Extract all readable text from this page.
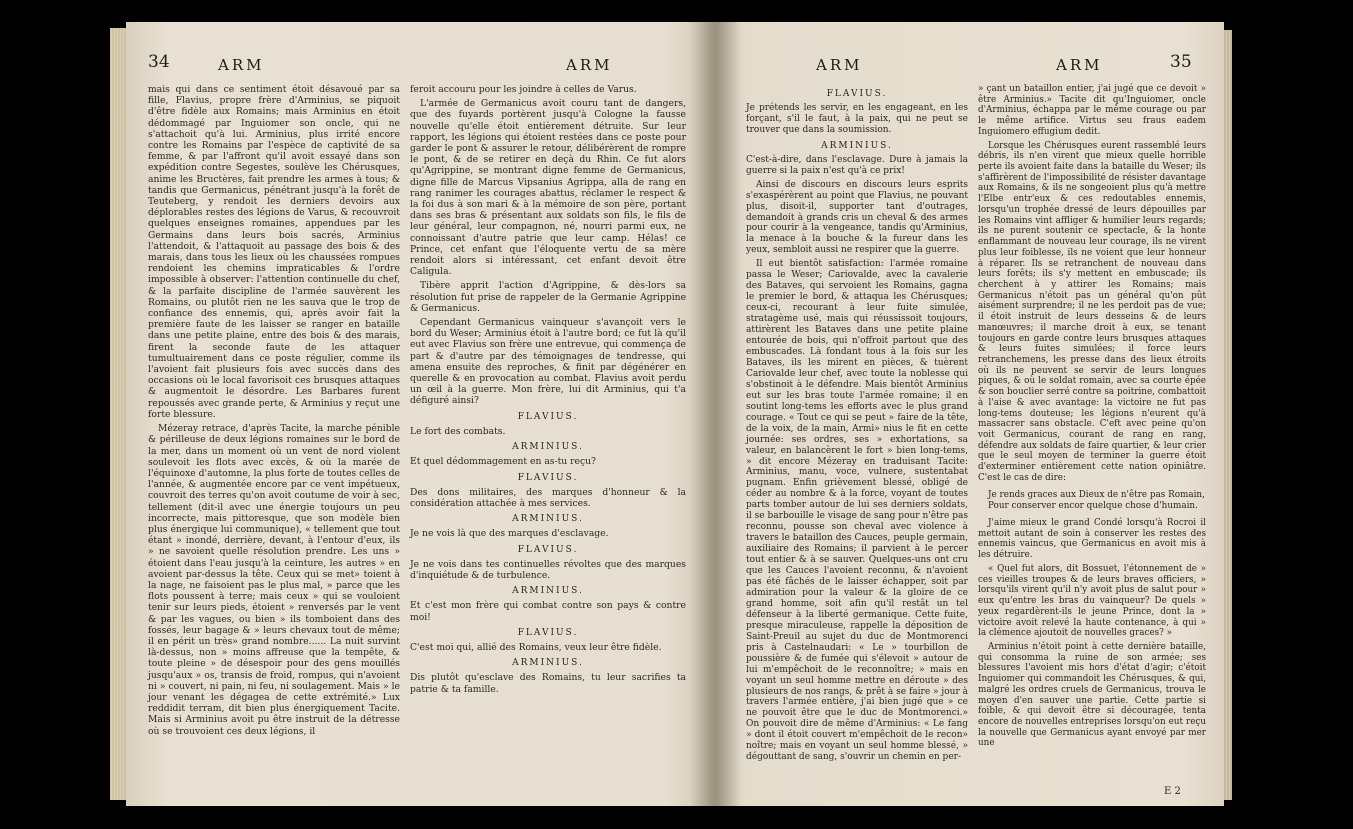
34	ARM	ARM

mais qui dans ce sentiment étoit désavoué par sa fille, Flavius, propre frère d'Arminius, se piquoit d'être fidèle aux Romains; mais Arminius en étoit dédommagé par Inguiomer son oncle, qui ne s'attachoit qu'à lui. Arminius, plus irrité encore contre les Romains par l'espèce de captivité de sa femme, & par l'affront qu'il avoit essayé dans son expédition contre Segestes, soulève les Chérusques, anime les Bructères, fait prendre les armes à tous; & tandis que Germanicus, pénétrant jusqu'à la forêt de Teuteberg, y rendoit les derniers devoirs aux déplorables restes des légions de Varus, & recouvroit quelques enseignes romaines, appendues par les Germains dans leurs bois sacrés, Arminius l'attendoit, & l'attaquoit au passage des bois & des marais, dans tous les lieux où les chaussées rompues rendoient les chemins impraticables & l'ordre impossible à observer: l'attention continuelle du chef, & la parfaite discipline de l'armée sauvèrent les Romains, ou plutôt rien ne les sauva que le trop de confiance des ennemis, qui, après avoir fait la première faute de les laisser se ranger en bataille dans une petite plaine, entre des bois & des marais, firent la seconde faute de les attaquer tumultuairement dans ce poste régulier, comme ils l'avoient fait plusieurs fois avec succès dans des occasions où le local favorisoit ces brusques attaques & augmentoit le désordre. Les Barbares furent repoussés avec grande perte, & Arminius y reçut une forte blessure.

Mézeray retrace, d'après Tacite, la marche pénible & périlleuse de deux légions romaines sur le bord de la mer, dans un moment où un vent de nord violent soulevoit les flots avec excès, & où la marée de l'équinoxe d'automne, la plus forte de toutes celles de l'année, & augmentée encore par ce vent impétueux, couvroit des terres qu'on avoit coutume de voir à sec, tellement (dit-il avec une énergie toujours un peu incorrecte, mais pittoresque, que son modèle bien plus énergique lui communique), « tellement que tout étant » inondé, derrière, devant, à l'entour d'eux, ils » ne savoient quelle résolution prendre. Les uns » étoient dans l'eau jusqu'à la ceinture, les autres » en avoient par-dessus la tête. Ceux qui se met» toient à la nage, ne faisoient pas le plus mal, » parce que les flots poussent à terre; mais ceux » qui se vouloient tenir sur leurs pieds, étoient » renversés par le vent & par les vagues, ou bien » ils tomboient dans des fossés, leur bagage & » leurs chevaux tout de même; il en périt un très» grand nombre...... La nuit survint là-dessus, non » moins affreuse que la tempête, & toute pleine » de désespoir pour des gens mouillés jusqu'aux » os, transis de froid, rompus, qui n'avoient ni » couvert, ni pain, ni feu, ni soulagement. Mais » le jour venant les dégagea de cette extrémité.» Lux reddidit terram, dit bien plus énergiquement Tacite. Mais si Arminius avoit pu être instruit de la détresse où se trouvoient ces deux légions, il

feroit accouru pour les joindre à celles de Varus.

L'armée de Germanicus avoit couru tant de dangers, que des fuyards portèrent jusqu'à Cologne la fausse nouvelle qu'elle étoit entièrement détruite. Sur leur rapport, les légions qui étoient restées dans ce poste pour garder le pont & assurer le retour, délibérèrent de rompre le pont, & de se retirer en deçà du Rhin. Ce fut alors qu'Agrippine, se montrant digne femme de Germanicus, digne fille de Marcus Vipsanius Agrippa, alla de rang en rang ranimer les courages abattus, réclamer le respect & la foi dus à son mari & à la mémoire de son père, portant dans ses bras & présentant aux soldats son fils, le fils de leur général, leur compagnon, né, nourri parmi eux, ne connoissant d'autre patrie que leur camp. Hélas! ce Prince, cet enfant que l'éloquente vertu de sa mère rendoit alors si intéressant, cet enfant devoit être Caligula.

Tibère apprit l'action d'Agrippine, & dès-lors sa résolution fut prise de rappeler de la Germanie Agrippine & Germanicus.

Cependant Germanicus vainqueur s'avançoit vers le bord du Weser; Arminius étoit à l'autre bord; ce fut là qu'il eut avec Flavius son frère une entrevue, qui commença de part & d'autre par des témoignages de tendresse, qui amena ensuite des reproches, & finit par dégénérer en querelle & en provocation au combat. Flavius avoit perdu un œil à la guerre. Mon frère, lui dit Arminius, qui t'a défiguré ainsi?

FLAVIUS.

Le fort des combats.

ARMINIUS.

Et quel dédommagement en as-tu reçu?

FLAVIUS.

Des dons militaires, des marques d'honneur & la considération attachée à mes services.

ARMINIUS.

Je ne vois là que des marques d'esclavage.

FLAVIUS.

Je ne vois dans tes continuelles révoltes que des marques d'inquiétude & de turbulence.

ARMINIUS.

Et c'est mon frère qui combat contre son pays & contre moi!

FLAVIUS.

C'est moi qui, allié des Romains, veux leur être fidèle.

ARMINIUS.

Dis plutôt qu'esclave des Romains, tu leur sacrifies ta patrie & ta famille.

ARM	ARM	35

FLAVIUS.

Je prétends les servir, en les engageant, en les forçant, s'il le faut, à la paix, qui ne peut se trouver que dans la soumission.

ARMINIUS.

C'est-à-dire, dans l'esclavage. Dure à jamais la guerre si la paix n'est qu'à ce prix!

Ainsi de discours en discours leurs esprits s'exaspérèrent au point que Flavius, ne pouvant plus, disoit-il, supporter tant d'outrages, demandoit à grands cris un cheval & des armes pour courir à la vengeance, tandis qu'Arminius, la menace à la bouche & la fureur dans les yeux, sembloit aussi ne respirer que la guerre.

Il eut bientôt satisfaction: l'armée romaine passa le Weser; Cariovalde, avec la cavalerie des Bataves, qui servoient les Romains, gagna le premier le bord, & attaqua les Chérusques; ceux-ci, recourant à leur fuite simulée, stratagème usé, mais qui réussissoit toujours, attirèrent les Bataves dans une petite plaine entourée de bois, qui n'offroit partout que des embuscades. Là fondant tous à la fois sur les Bataves, ils les mirent en pièces, & tuèrent Cariovalde leur chef, avec toute la noblesse qui s'obstinoit à le défendre. Mais bientôt Arminius eut sur les bras toute l'armée romaine; il en soutint long-tems les efforts avec le plus grand courage. « Tout ce qui se peut » faire de la tête, de la voix, de la main, Armi» nius le fit en cette journée: ses ordres, ses » exhortations, sa valeur, en balancèrent le fort » bien long-tems, » dit encore Mézeray en traduisant Tacite: Arminius, manu, voce, vulnere, sustentabat pugnam. Enfin grièvement blessé, obligé de céder au nombre & à la force, voyant de toutes parts tomber autour de lui ses derniers soldats, il se barbouille le visage de sang pour n'être pas reconnu, pousse son cheval avec violence à travers le bataillon des Cauces, peuple germain, auxiliaire des Romains; il parvient à le percer tout entier & à se sauver. Quelques-uns ont cru que les Cauces l'avoient reconnu, & n'avoient pas été fâchés de le laisser échapper, soit par admiration pour la valeur & la gloire de ce grand homme, soit afin qu'il restât un tel défenseur à la liberté germanique. Cette fuite, presque miraculeuse, rappelle la déposition de Saint-Preuil au sujet du duc de Montmorenci pris à Castelnaudari: « Le » tourbillon de poussière & de fumée qui s'élevoit » autour de lui m'empêchoit de le reconnoître; » mais en voyant un seul homme mettre en déroute » des plusieurs de nos rangs, & prêt à se faire » jour à travers l'armée entière, j'ai bien jugé que » ce ne pouvoit être que le duc de Montmorenci.» On pouvoit dire de même d'Arminius: « Le fang » dont il étoit couvert m'empêchoit de le recon» noître; mais en voyant un seul homme blessé, » dégouttant de sang, s'ouvrir un chemin en per-

» çant un bataillon entier, j'ai jugé que ce devoit » être Arminius.» Tacite dit qu'Inguiomer, oncle d'Arminius, échappa par le même courage ou par le même artifice. Virtus seu fraus eadem Inguiomero effugium dedit.

Lorsque les Chérusques eurent rassemblé leurs débris, ils n'en virent que mieux quelle horrible perte ils avoient faite dans la bataille du Weser; ils s'affirèrent de l'impossibilité de résister davantage aux Romains, & ils ne songeoient plus qu'à mettre l'Elbe entr'eux & ces redoutables ennemis, lorsqu'un trophée dressé de leurs dépouilles par les Romains vint affliger & humilier leurs regards; ils ne purent soutenir ce spectacle, & la honte enflammant de nouveau leur courage, ils ne virent plus leur foiblesse, ils ne voient que leur honneur à réparer. Ils se retranchent de nouveau dans leurs forêts; ils s'y mettent en embuscade; ils cherchent à y attirer les Romains; mais Germanicus n'étoit pas un général qu'on pût aisément surprendre; il ne les perdoit pas de vue; il étoit instruit de leurs desseins & de leurs manœuvres; il marche droit à eux, se tenant toujours en garde contre leurs brusques attaques & leurs fuites simulées; il force leurs retranchemens, les presse dans des lieux étroits où ils ne peuvent se servir de leurs longues piques, & où le soldat romain, avec sa courte épée & son bouclier serré contre sa poitrine, combattoit à l'aise & avec avantage: la victoire ne fut pas long-tems douteuse; les légions n'eurent qu'à massacrer sans obstacle. C'eft avec peine qu'on voit Germanicus, courant de rang en rang, défendre aux soldats de faire quartier, & leur crier que le seul moyen de terminer la guerre étoit d'exterminer entièrement cette nation opiniâtre. C'est le cas de dire:

Je rends graces aux Dieux de n'être pas Romain,

Pour conserver encor quelque chose d'humain.

J'aime mieux le grand Condé lorsqu'à Rocroi il mettoit autant de soin à conserver les restes des ennemis vaincus, que Germanicus en avoit mis à les détruire.

« Quel fut alors, dit Bossuet, l'étonnement de » ces vieilles troupes & de leurs braves officiers, » lorsqu'ils virent qu'il n'y avoit plus de salut pour » eux qu'entre les bras du vainqueur? De quels » yeux regardèrent-ils le jeune Prince, dont la » victoire avoit relevé la haute contenance, à qui » la clémence ajoutoit de nouvelles graces? »

Arminius n'étoit point à cette dernière bataille, qui consomma la ruine de son armée; ses blessures l'avoient mis hors d'état d'agir; c'étoit Inguiomer qui commandoit les Chérusques, & qui, malgré les ordres cruels de Germanicus, trouva le moyen d'en sauver une partie. Cette partie si foible, & qui devoit être si découragée, tenta encore de nouvelles entreprises lorsqu'on eut reçu la nouvelle que Germanicus ayant envoyé par mer une

E 2
